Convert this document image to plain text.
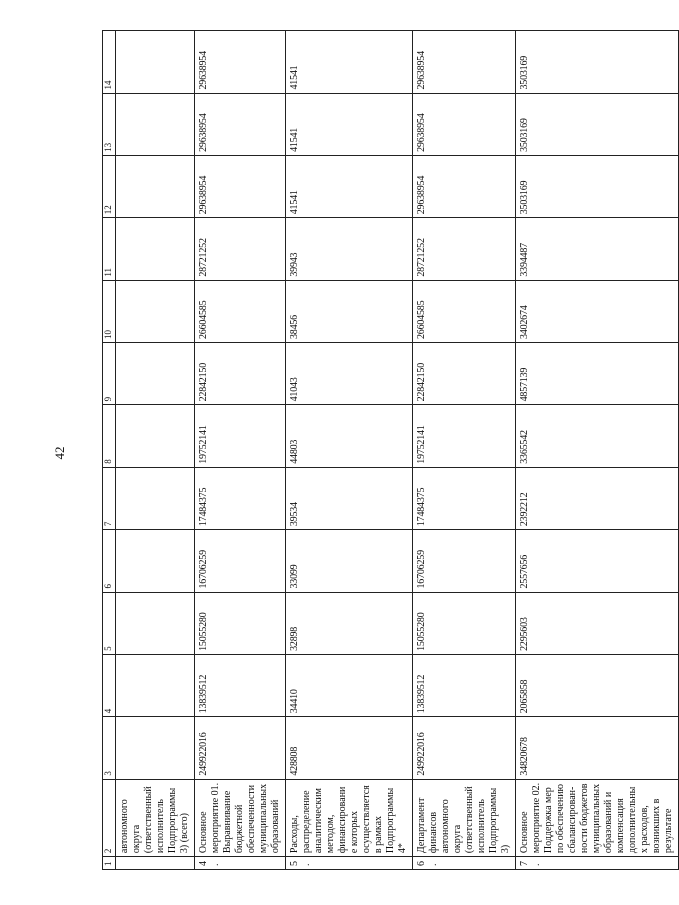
42
1	2	3	4	5	6	7	8	9	10	11	12	13	14
	автономного округа (ответственный исполнитель Подпрограммы 3) (всего)												
4.	Основное мероприятие 01. Выравнивание бюджетной обеспеченности муниципальных образований	249922016	13839512	15055280	16706259	17484375	19752141	22842150	26604585	28721252	29638954	29638954	29638954
5.	Расходы, распределение аналитическим методом, финансирование которых осуществляется в рамках Подпрограммы 4*	428808	34410	32898	33099	39534	44803	41043	38456	39943	41541	41541	41541
6.	Департамент финансов автономного округа (ответственный исполнитель Подпрограммы 3)	249922016	13839512	15055280	16706259	17484375	19752141	22842150	26604585	28721252	29638954	29638954	29638954
7.	Основное мероприятие 02. Поддержка мер по обеспечению сбалансирован-ности бюджетов муниципальных образований и компенсация дополнительных расходов, возникших в результате	34820678	2065858	2295603	2557656	2392212	3365542	4857139	3402674	3394487	3503169	3503169	3503169
